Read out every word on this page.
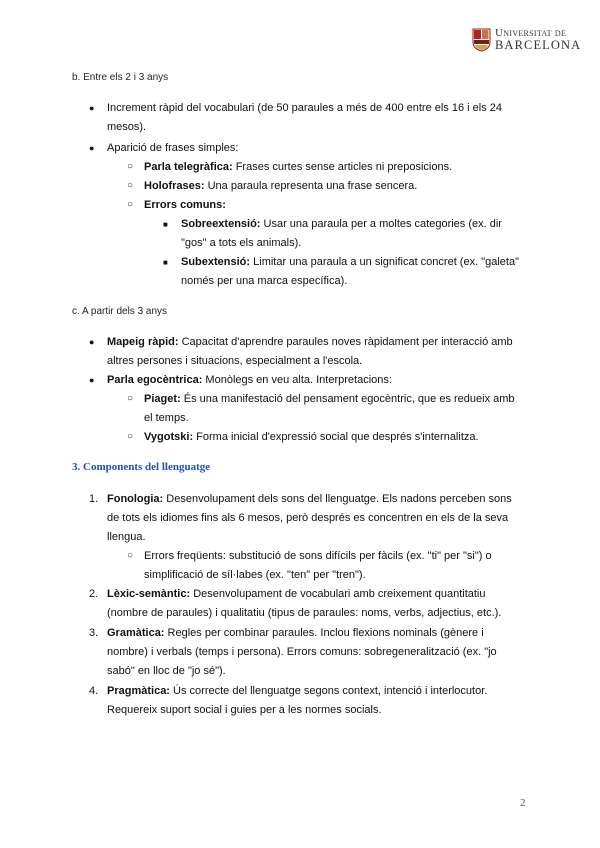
Universitat de
BARCELONA
b. Entre els 2 i 3 anys
● Increment ràpid del vocabulari (de 50 paraules a més de 400 entre els 16 i els 24
mesos).
● Aparició de frases simples:
○ Parla telegràfica: Frases curtes sense articles ni preposicions.
○ Holofrases: Una paraula representa una frase sencera.
○ Errors comuns:
■ Sobreextensió: Usar una paraula per a moltes categories (ex. dir
"gos" a tots els animals).
■ Subextensió: Limitar una paraula a un significat concret (ex. "galeta"
només per una marca específica).
c. A partir dels 3 anys
● Mapeig ràpid: Capacitat d'aprendre paraules noves ràpidament per interacció amb
altres persones i situacions, especialment a l'escola.
● Parla egocèntrica: Monòlegs en veu alta. Interpretacions:
○ Piaget: És una manifestació del pensament egocèntric, que es redueix amb
el temps.
○ Vygotski: Forma inicial d'expressió social que després s'internalitza.
3. Components del llenguatge
1. Fonologia: Desenvolupament dels sons del llenguatge. Els nadons perceben sons
de tots els idiomes fins als 6 mesos, però després es concentren en els de la seva
llengua.
○ Errors freqüents: substitució de sons difícils per fàcils (ex. "ti" per "si") o
simplificació de síl·labes (ex. "ten" per "tren").
2. Lèxic-semàntic: Desenvolupament de vocabulari amb creixement quantitatiu
(nombre de paraules) i qualitatiu (tipus de paraules: noms, verbs, adjectius, etc.).
3. Gramàtica: Regles per combinar paraules. Inclou flexions nominals (gènere i
nombre) i verbals (temps i persona). Errors comuns: sobregeneralització (ex. "jo
sabó" en lloc de "jo sé").
4. Pragmàtica: Ús correcte del llenguatge segons context, intenció i interlocutor.
Requereix suport social i guies per a les normes socials.
2
